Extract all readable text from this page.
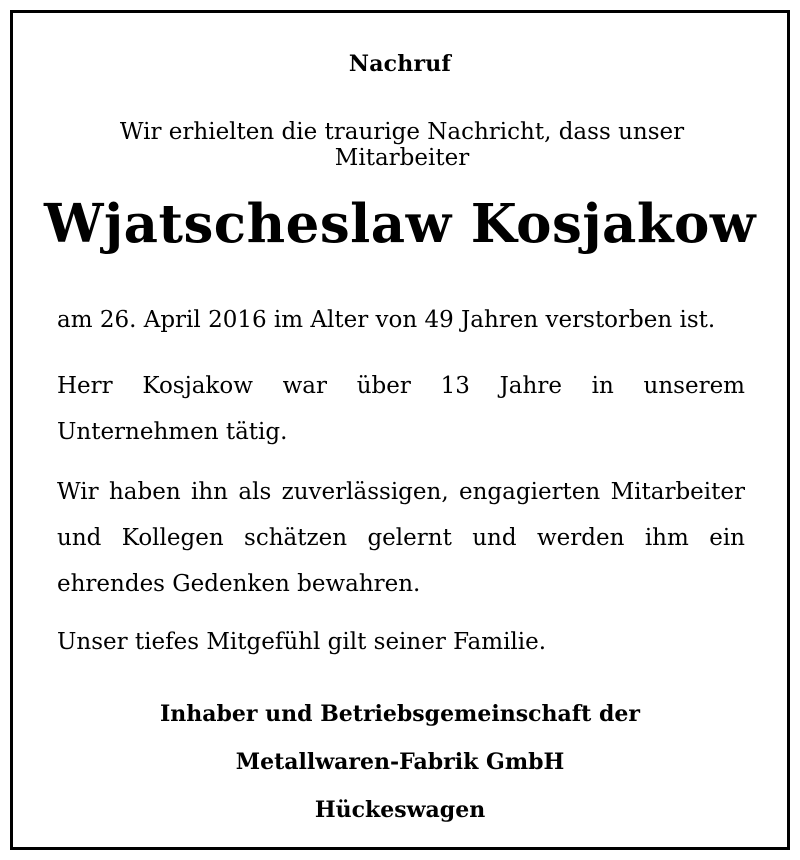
Nachruf
Wir erhielten die traurige Nachricht, dass unser Mitarbeiter
Wjatscheslaw Kosjakow
am 26. April 2016 im Alter von 49 Jahren verstorben ist.
Herr Kosjakow war über 13 Jahre in unserem Unternehmen tätig.
Wir haben ihn als zuverlässigen, engagierten Mitarbeiter und Kollegen schätzen gelernt und werden ihm ein ehrendes Gedenken bewahren.
Unser tiefes Mitgefühl gilt seiner Familie.
Inhaber und Betriebsgemeinschaft der
Metallwaren-Fabrik GmbH
Hückeswagen
